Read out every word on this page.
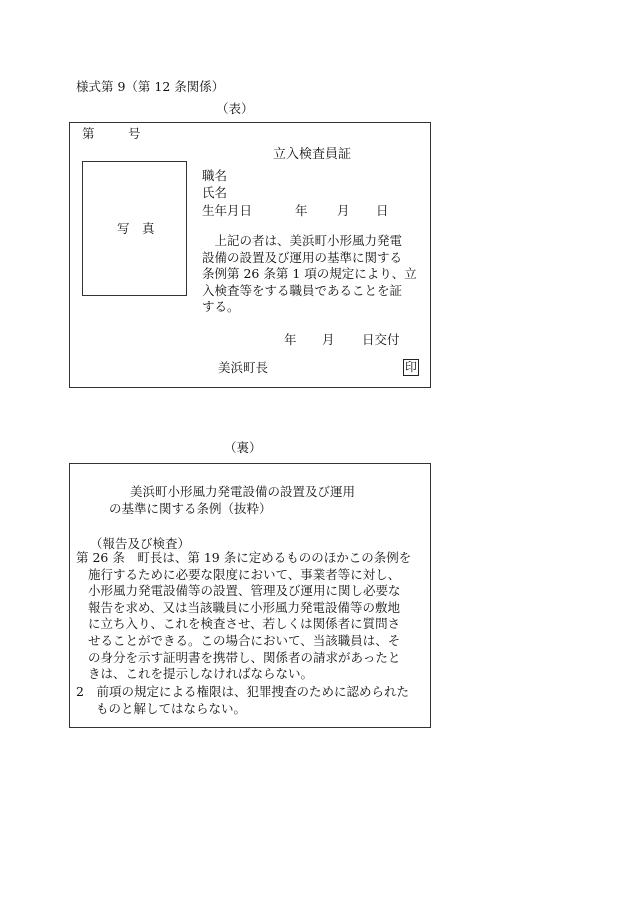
様式第 9（第 12 条関係）
（表）
第	号
立入検査員証
写　真
職名
氏名
生年月日	年 月 日
　上記の者は、美浜町小形風力発電
設備の設置及び運用の基準に関する
条例第 26 条第 1 項の規定により、立
入検査等をする職員であることを証
する。
年 月 日交付
美浜町長	印
（裏）
美浜町小形風力発電設備の設置及び運用
の基準に関する条例（抜粋）
（報告及び検査）
第 26 条　町長は、第 19 条に定めるもののほかこの条例を
施行するために必要な限度において、事業者等に対し、
小形風力発電設備等の設置、管理及び運用に関し必要な
報告を求め、又は当該職員に小形風力発電設備等の敷地
に立ち入り、これを検査させ、若しくは関係者に質問さ
せることができる。この場合において、当該職員は、そ
の身分を示す証明書を携帯し、関係者の請求があったと
きは、これを提示しなければならない。
2　前項の規定による権限は、犯罪捜査のために認められた
ものと解してはならない。
